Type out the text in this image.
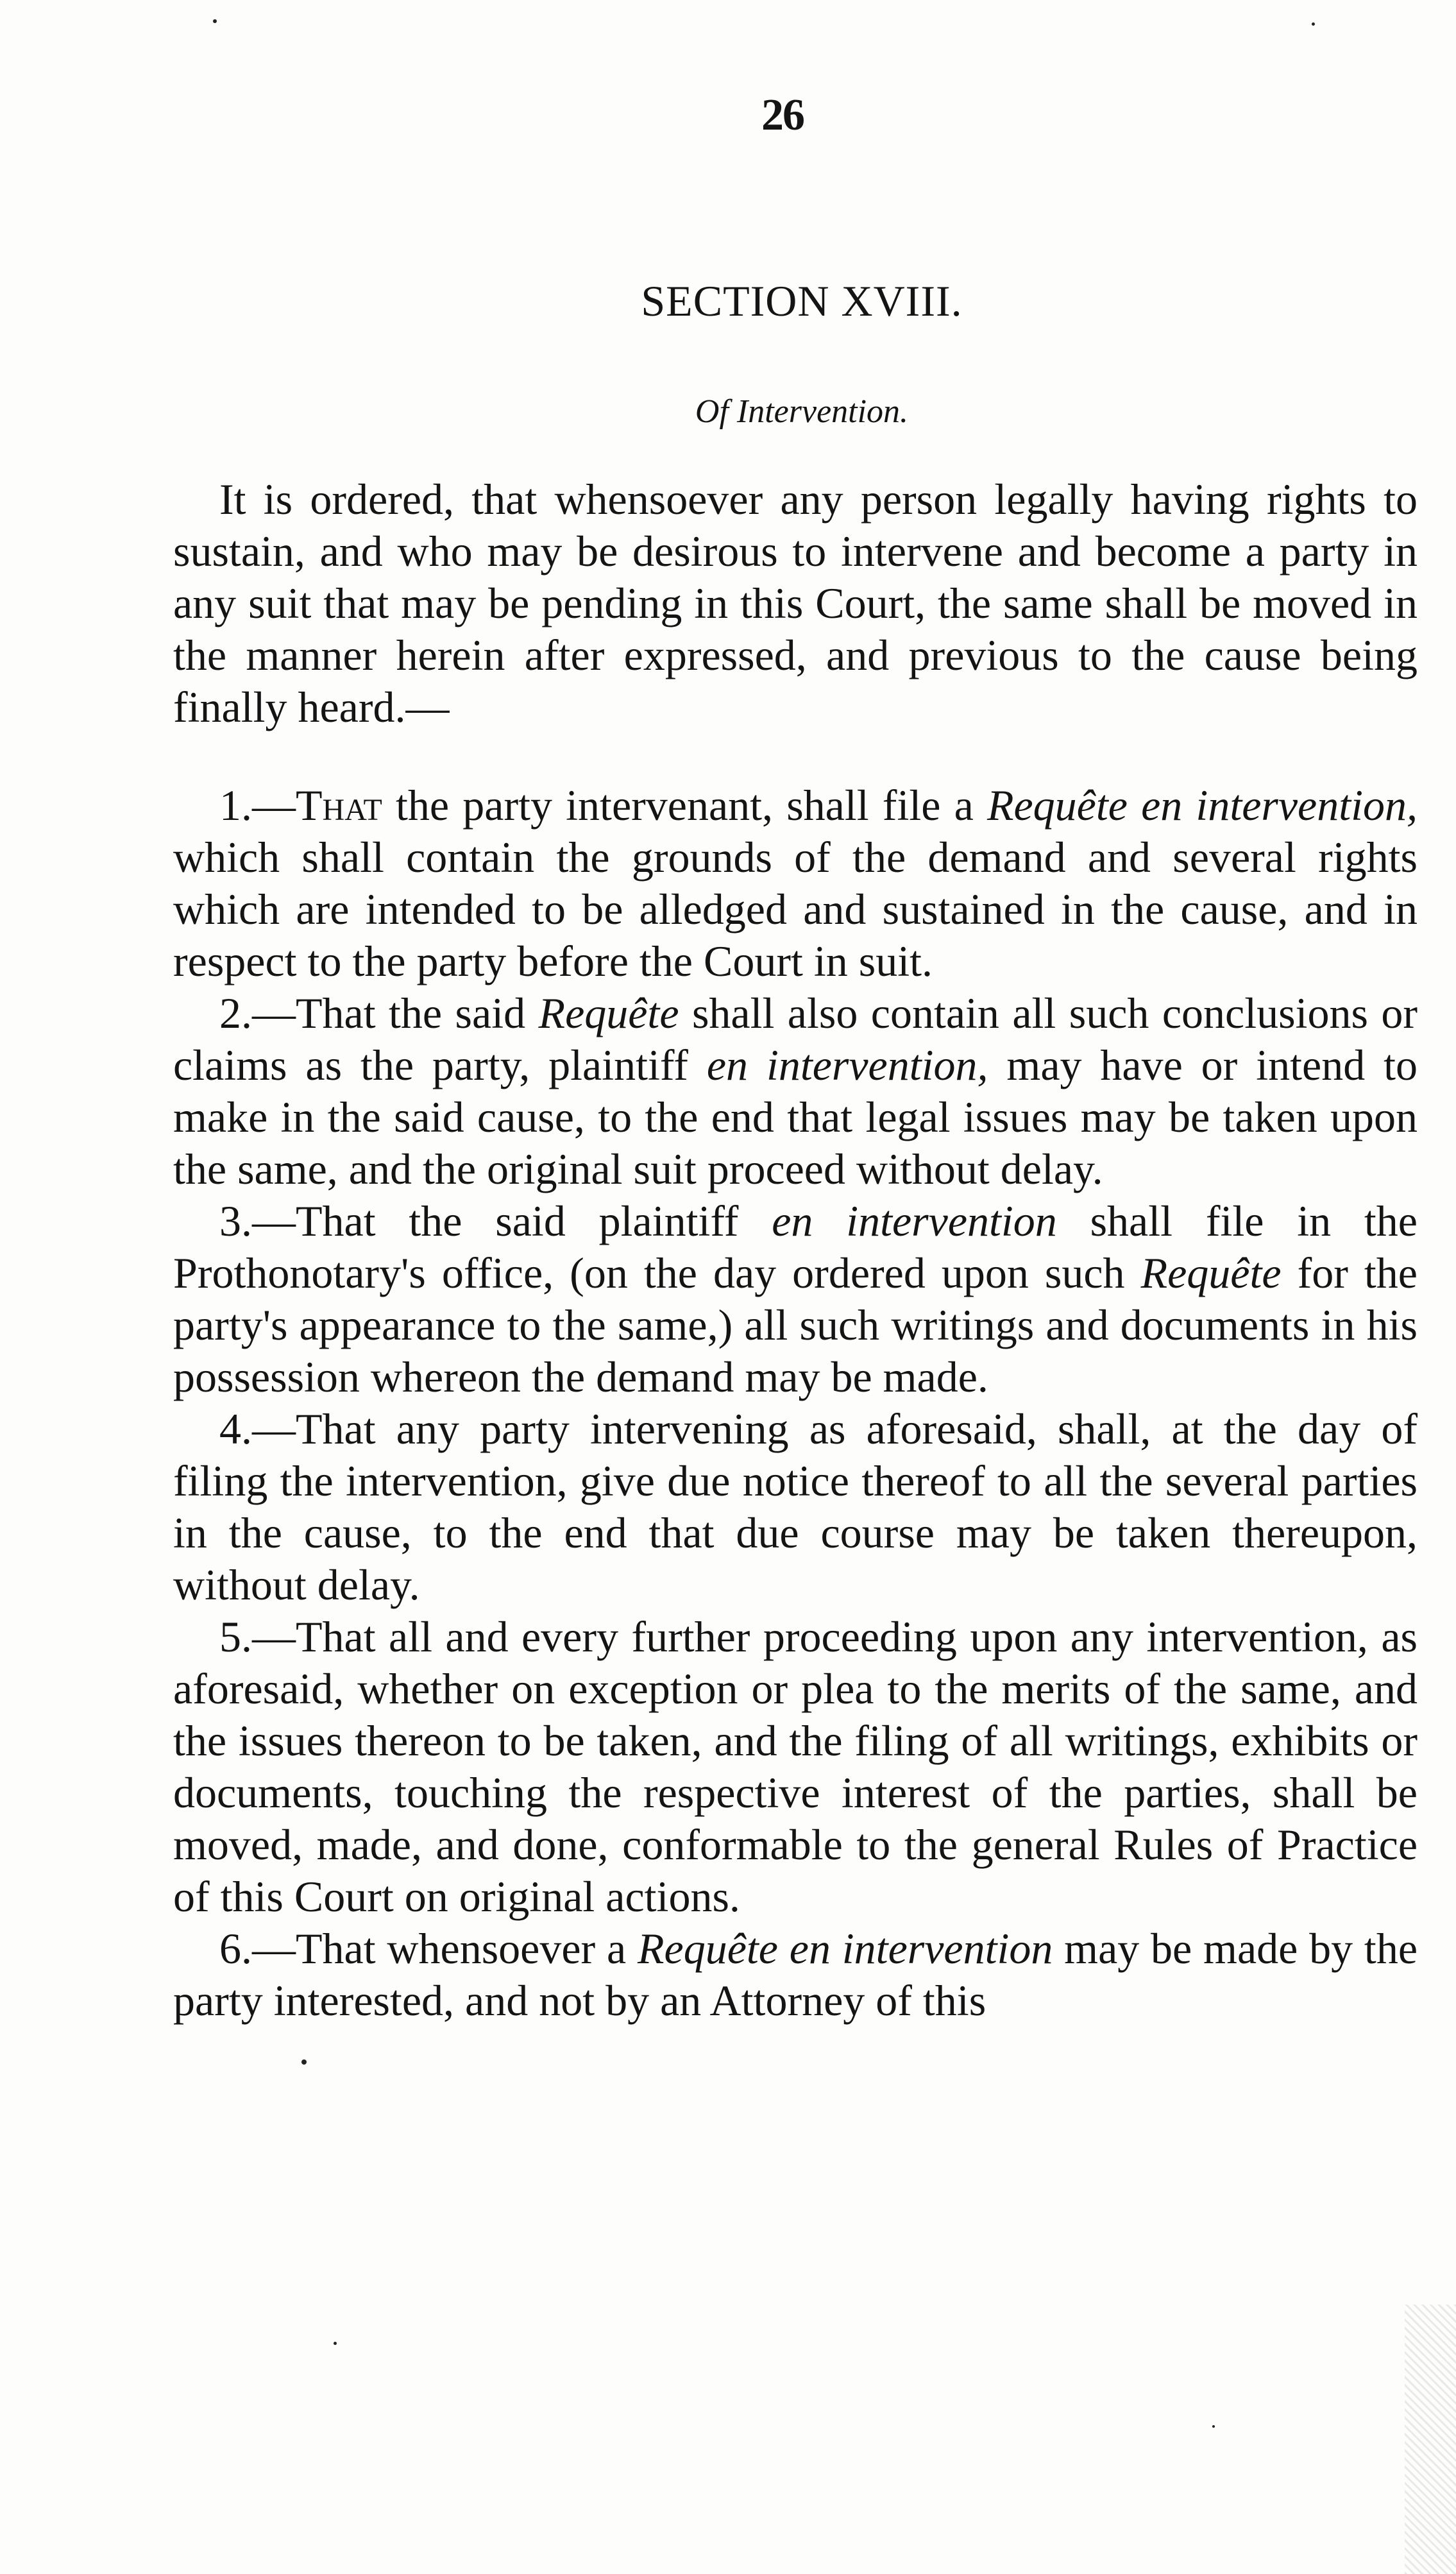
26
SECTION XVIII.
Of Intervention.

It is ordered, that whensoever any person legally having rights to sustain, and who may be desirous to intervene and become a party in any suit that may be pending in this Court, the same shall be moved in the manner herein after expressed, and previous to the cause being finally heard.—

1.—That the party intervenant, shall file a Requête en intervention, which shall contain the grounds of the demand and several rights which are intended to be alledged and sustained in the cause, and in respect to the party before the Court in suit.

2.—That the said Requête shall also contain all such conclusions or claims as the party, plaintiff en intervention, may have or intend to make in the said cause, to the end that legal issues may be taken upon the same, and the original suit proceed without delay.

3.—That the said plaintiff en intervention shall file in the Prothonotary's office, (on the day ordered upon such Requête for the party's appearance to the same,) all such writings and documents in his possession whereon the demand may be made.

4.—That any party intervening as aforesaid, shall, at the day of filing the intervention, give due notice thereof to all the several parties in the cause, to the end that due course may be taken thereupon, without delay.

5.—That all and every further proceeding upon any intervention, as aforesaid, whether on exception or plea to the merits of the same, and the issues thereon to be taken, and the filing of all writings, exhibits or documents, touching the respective interest of the parties, shall be moved, made, and done, conformable to the general Rules of Practice of this Court on original actions.

6.—That whensoever a Requête en intervention may be made by the party interested, and not by an Attorney of this
